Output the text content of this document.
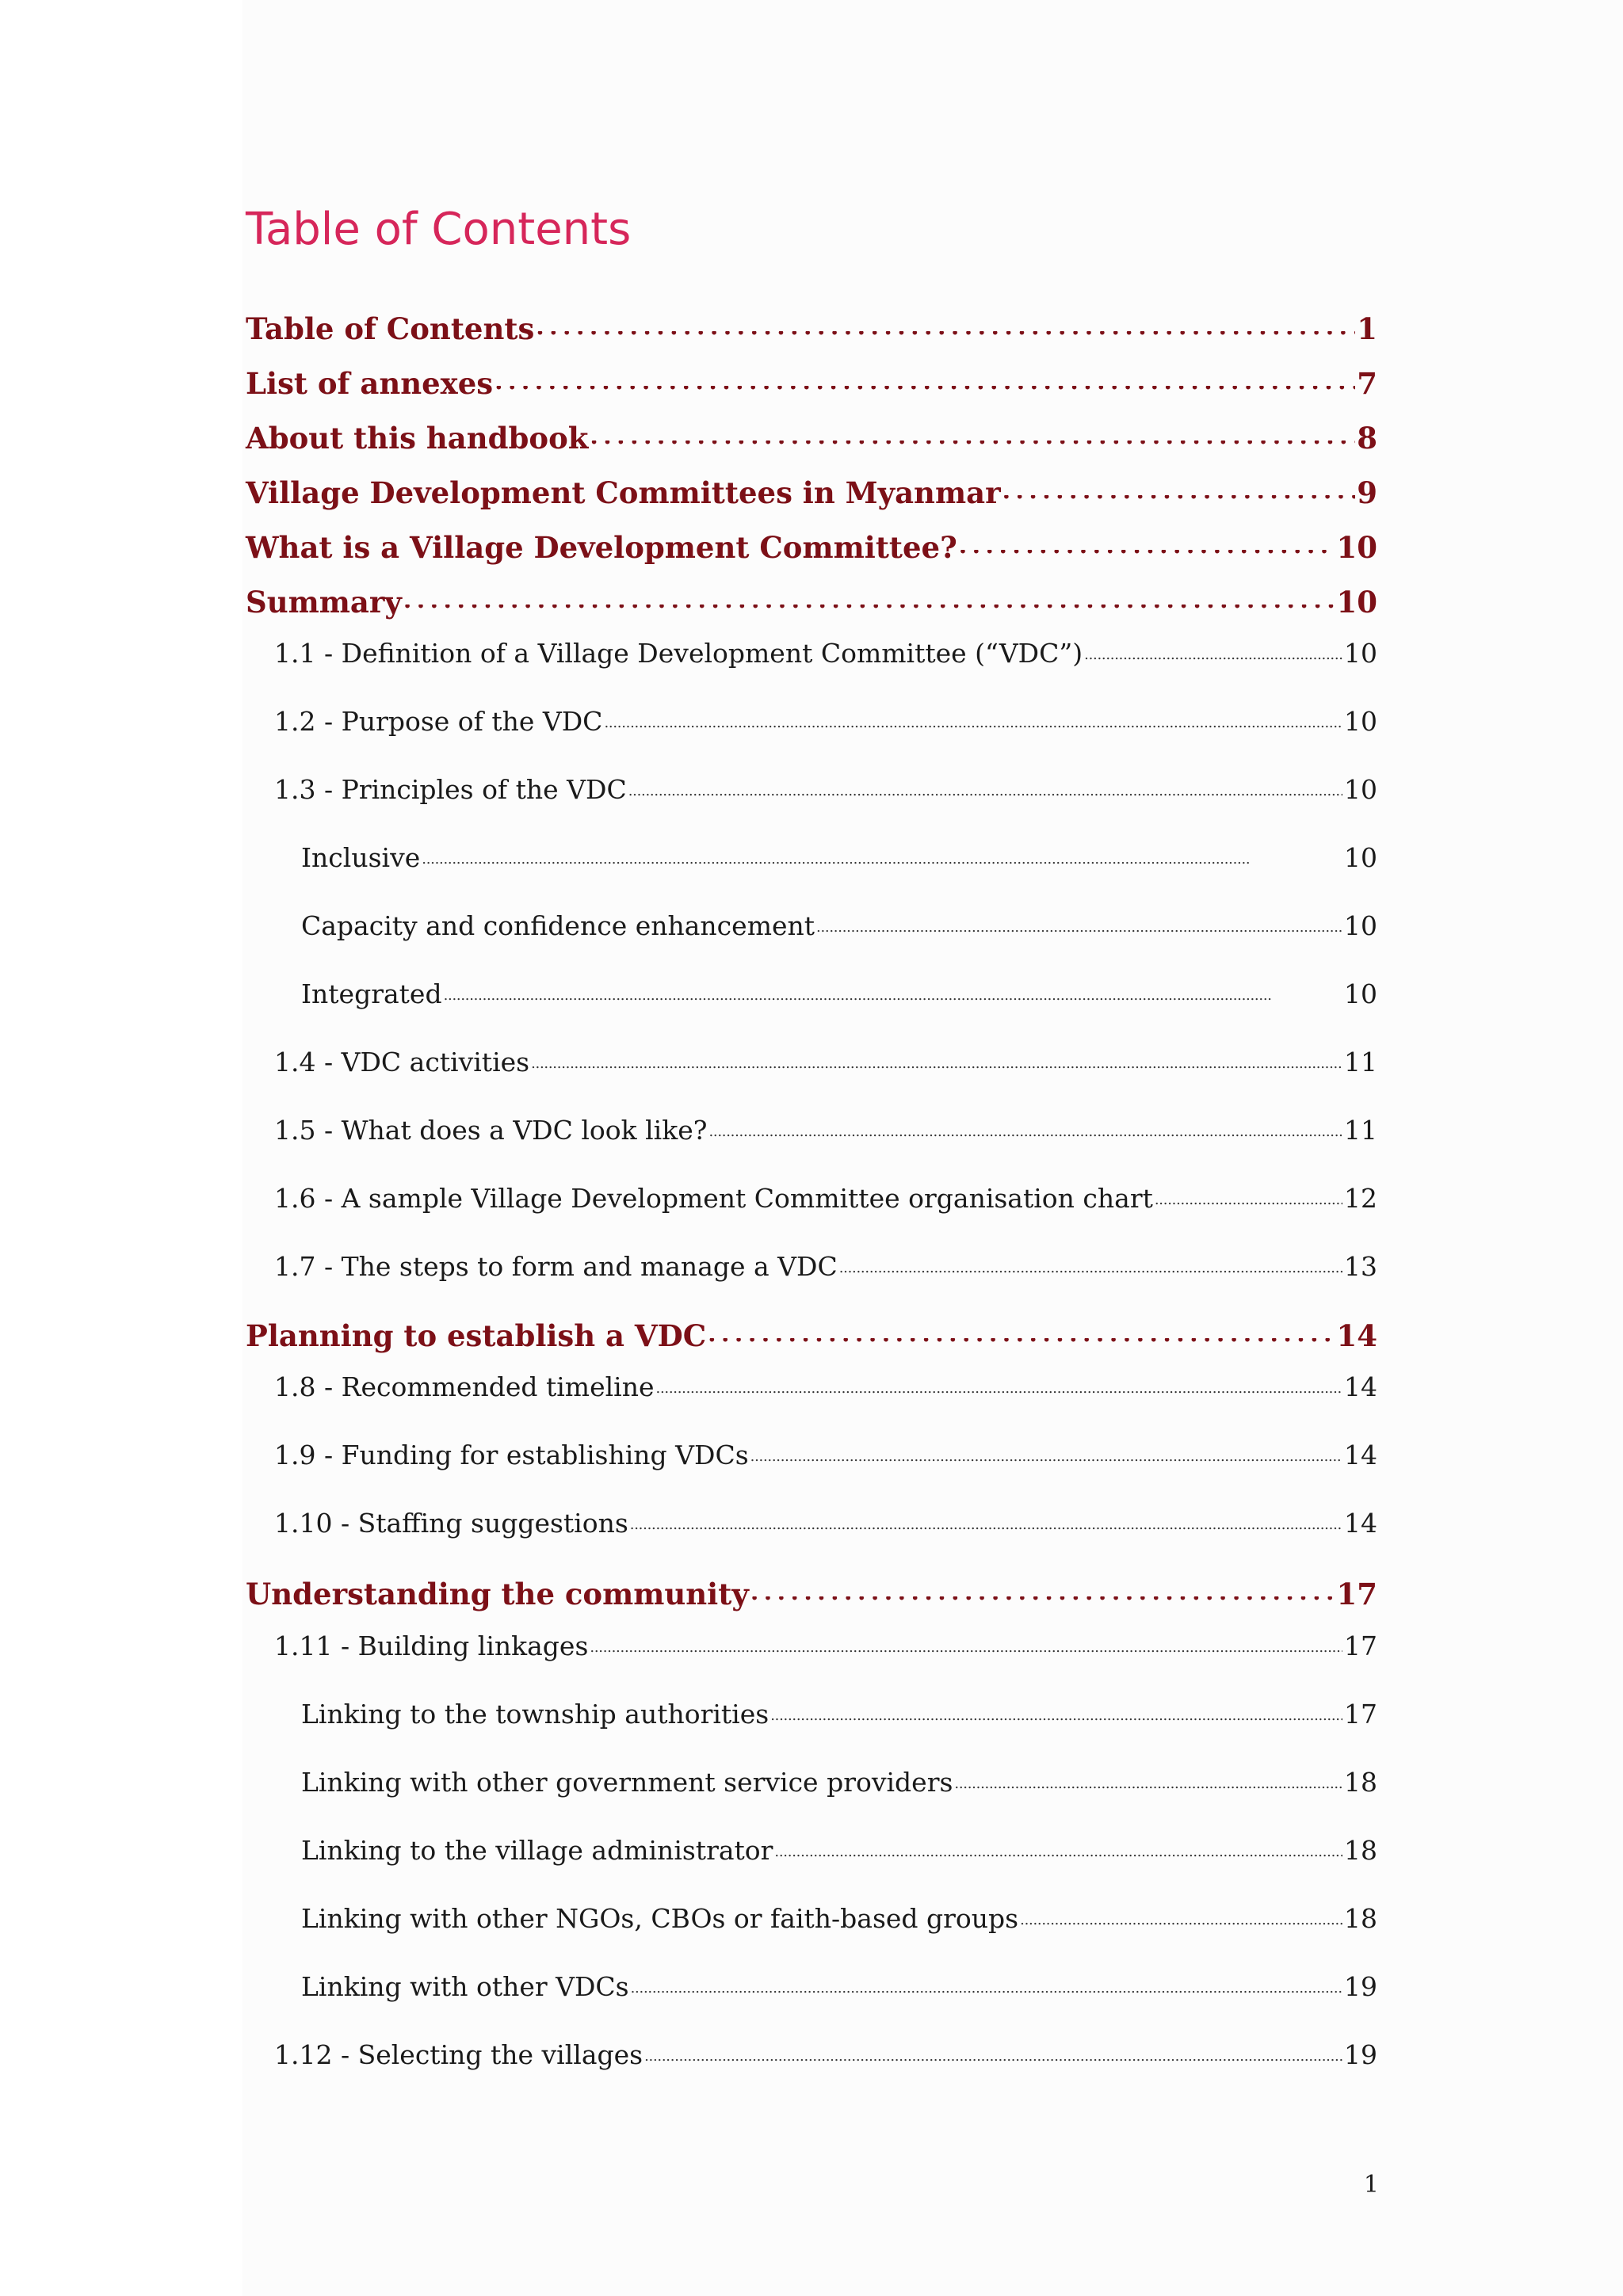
Table of Contents
Table of Contents . . .	1
List of annexes . . .	7
About this handbook . . .	8
Village Development Committees in Myanmar . . .	9
What is a Village Development Committee? . . .	10
Summary . . .	10
1.1 - Definition of a Village Development Committee (“VDC”) . . .	10
1.2 - Purpose of the VDC . . .	10
1.3 - Principles of the VDC . . .	10
Inclusive . . .	10
Capacity and confidence enhancement . . .	10
Integrated . . .	10
1.4 - VDC activities . . .	11
1.5 - What does a VDC look like? . . .	11
1.6 - A sample Village Development Committee organisation chart . . .	12
1.7 - The steps to form and manage a VDC . . .	13
Planning to establish a VDC . . .	14
1.8 - Recommended timeline . . .	14
1.9 - Funding for establishing VDCs . . .	14
1.10 - Staffing suggestions . . .	14
Understanding the community . . .	17
1.11 - Building linkages . . .	17
Linking to the township authorities . . .	17
Linking with other government service providers . . .	18
Linking to the village administrator . . .	18
Linking with other NGOs, CBOs or faith-based groups . . .	18
Linking with other VDCs . . .	19
1.12 - Selecting the villages . . .	19
1
